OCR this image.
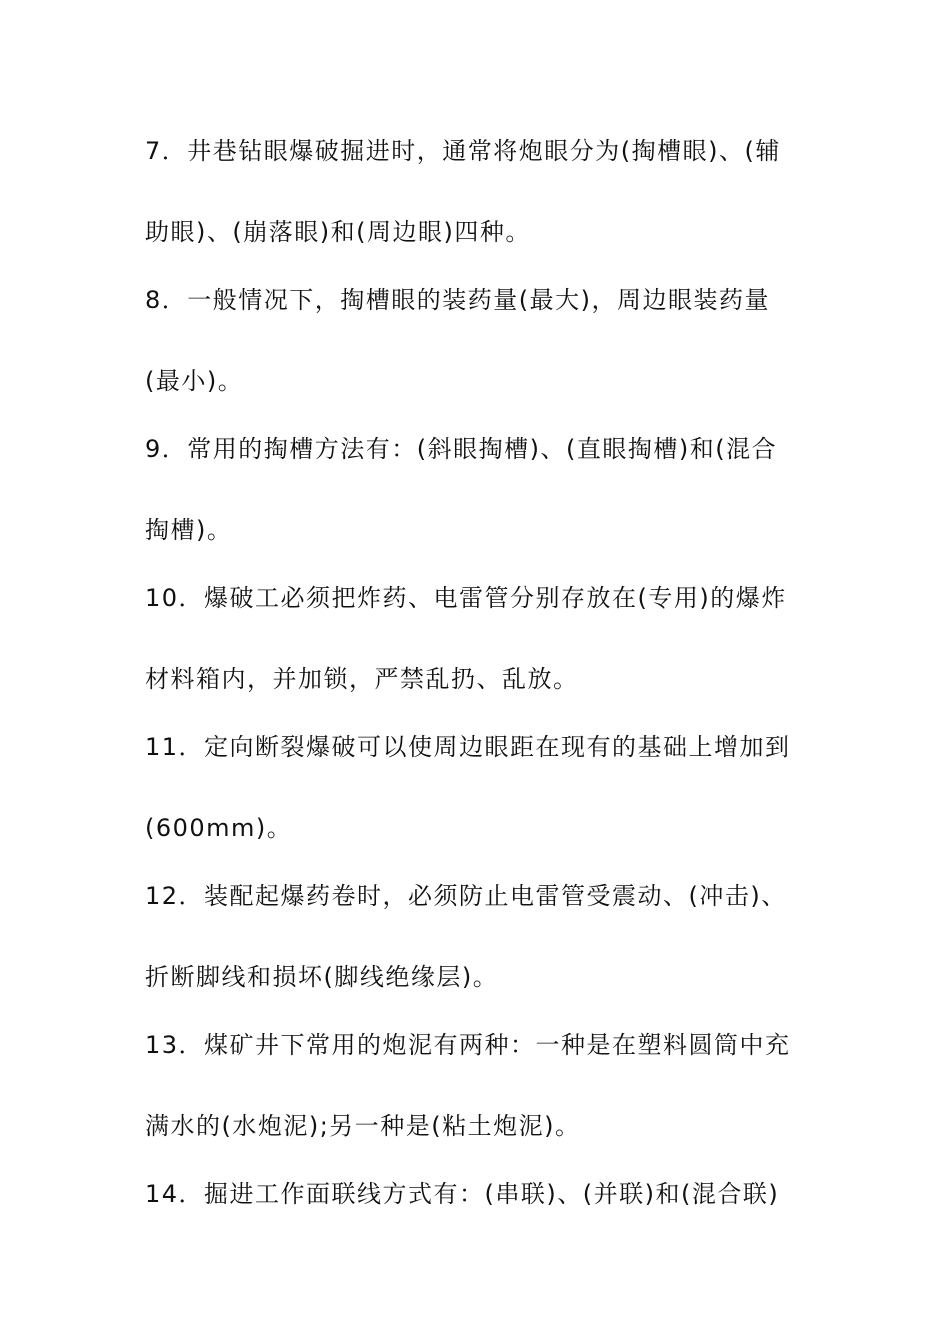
7．井巷钻眼爆破掘进时，通常将炮眼分为(掏槽眼)、(辅
助眼)、(崩落眼)和(周边眼)四种。
8．一般情况下，掏槽眼的装药量(最大)，周边眼装药量
(最小)。
9．常用的掏槽方法有：(斜眼掏槽)、(直眼掏槽)和(混合
掏槽)。
10．爆破工必须把炸药、电雷管分别存放在(专用)的爆炸
材料箱内，并加锁，严禁乱扔、乱放。
11．定向断裂爆破可以使周边眼距在现有的基础上增加到
(600mm)。
12．装配起爆药卷时，必须防止电雷管受震动、(冲击)、
折断脚线和损坏(脚线绝缘层)。
13．煤矿井下常用的炮泥有两种：一种是在塑料圆筒中充
满水的(水炮泥);另一种是(粘土炮泥)。
14．掘进工作面联线方式有：(串联)、(并联)和(混合联)
